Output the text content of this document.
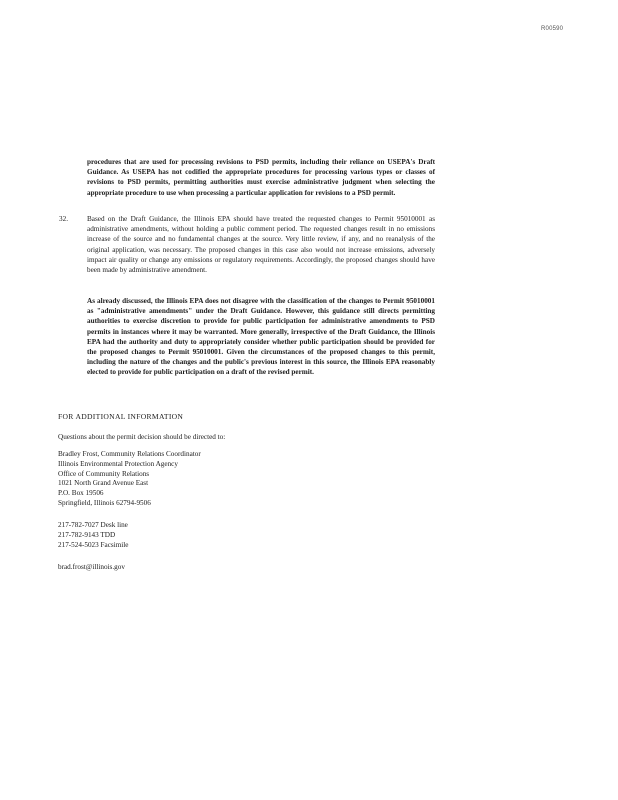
R00590

procedures that are used for processing revisions to PSD permits, including their reliance on USEPA's Draft Guidance. As USEPA has not codified the appropriate procedures for processing various types or classes of revisions to PSD permits, permitting authorities must exercise administrative judgment when selecting the appropriate procedure to use when processing a particular application for revisions to a PSD permit.

32.	Based on the Draft Guidance, the Illinois EPA should have treated the requested changes to Permit 95010001 as administrative amendments, without holding a public comment period. The requested changes result in no emissions increase of the source and no fundamental changes at the source. Very little review, if any, and no reanalysis of the original application, was necessary. The proposed changes in this case also would not increase emissions, adversely impact air quality or change any emissions or regulatory requirements. Accordingly, the proposed changes should have been made by administrative amendment.

As already discussed, the Illinois EPA does not disagree with the classification of the changes to Permit 95010001 as "administrative amendments" under the Draft Guidance. However, this guidance still directs permitting authorities to exercise discretion to provide for public participation for administrative amendments to PSD permits in instances where it may be warranted. More generally, irrespective of the Draft Guidance, the Illinois EPA had the authority and duty to appropriately consider whether public participation should be provided for the proposed changes to Permit 95010001. Given the circumstances of the proposed changes to this permit, including the nature of the changes and the public's previous interest in this source, the Illinois EPA reasonably elected to provide for public participation on a draft of the revised permit.

FOR ADDITIONAL INFORMATION
Questions about the permit decision should be directed to:
Bradley Frost, Community Relations Coordinator
Illinois Environmental Protection Agency
Office of Community Relations
1021 North Grand Avenue East
P.O. Box 19506
Springfield, Illinois 62794-9506
217-782-7027 Desk line
217-782-9143 TDD
217-524-5023 Facsimile
brad.frost@illinois.gov
